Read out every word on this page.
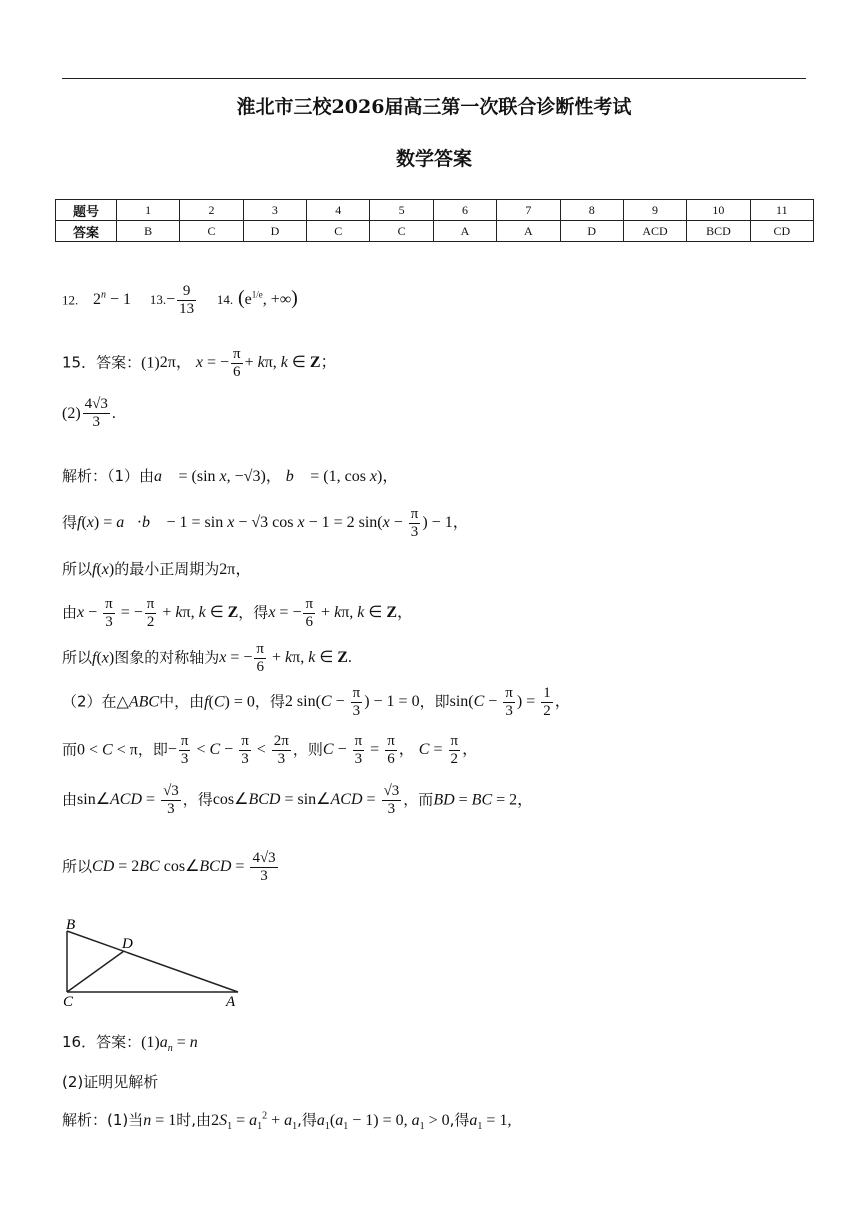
淮北市三校2026届高三第一次联合诊断性考试
数学答案
题号	1	2	3	4	5	6	7	8	9	10	11
答案	B	C	D	C	C	A	A	D	ACD	BCD	CD
12. $2^n - 1$ $13.- \frac{9}{13} 14$. ($e^{1/e}$, +∞)
15．答案：(1)2π， x = − $\frac{\pi}{6} + k\pi$, k ∈ Z；
$(2) \frac{4√3}{3}$ .
解析：（1）由a⃗ = (sin x, −√3)， b⃗ = (1, cos x)，
得f(x) = a⃗·b⃗ − 1 = sin x − √3 cos x − 1 = 2 $\sin(x - \frac{\pi}{3}$ ) − 1，
所以f(x)的最小正周期为2π，
由$x - \frac{\pi}{3}$ = − $\frac{\pi}{2} + k\pi$, k ∈ Z，得x = − $\frac{\pi}{6} + k\pi$, k ∈ Z，
所以f(x)图象的对称轴为x = − $\frac{\pi}{6} + k\pi$, k ∈ Z.
（2）在△ABC中，由f(C) = 0，得2 $\sin(C - \frac{\pi}{3}$ ) − 1 = 0，即$\sin(C - \frac{\pi}{3}$ ) = $\frac{1}{2}$ ，
而0 < C < π，即− $\frac{\pi}{3} < C - \frac{\pi}{3} < \frac{2\pi}{3}$ ，则$C - \frac{\pi}{3} = \frac{\pi}{6}$ ， $C = \frac{\pi}{2}$ ，
由sin∠ACD = $\frac{√3}{3}$ ，得cos∠BCD = sin∠ACD = $\frac{√3}{3}$ ，而BD = BC = 2，
所以CD = 2BC cos∠BCD = $\frac{4√3}{3}$
B
D
C	A
16．答案：$(1)a_n = n$
(2)证明见解析
解析：(1)当n = 1时,由$2S_1 = a_1^2 + a_1$,得$a_1(a_1 - 1) = 0$, $a_1 > 0$,得$a_1 = 1$,
